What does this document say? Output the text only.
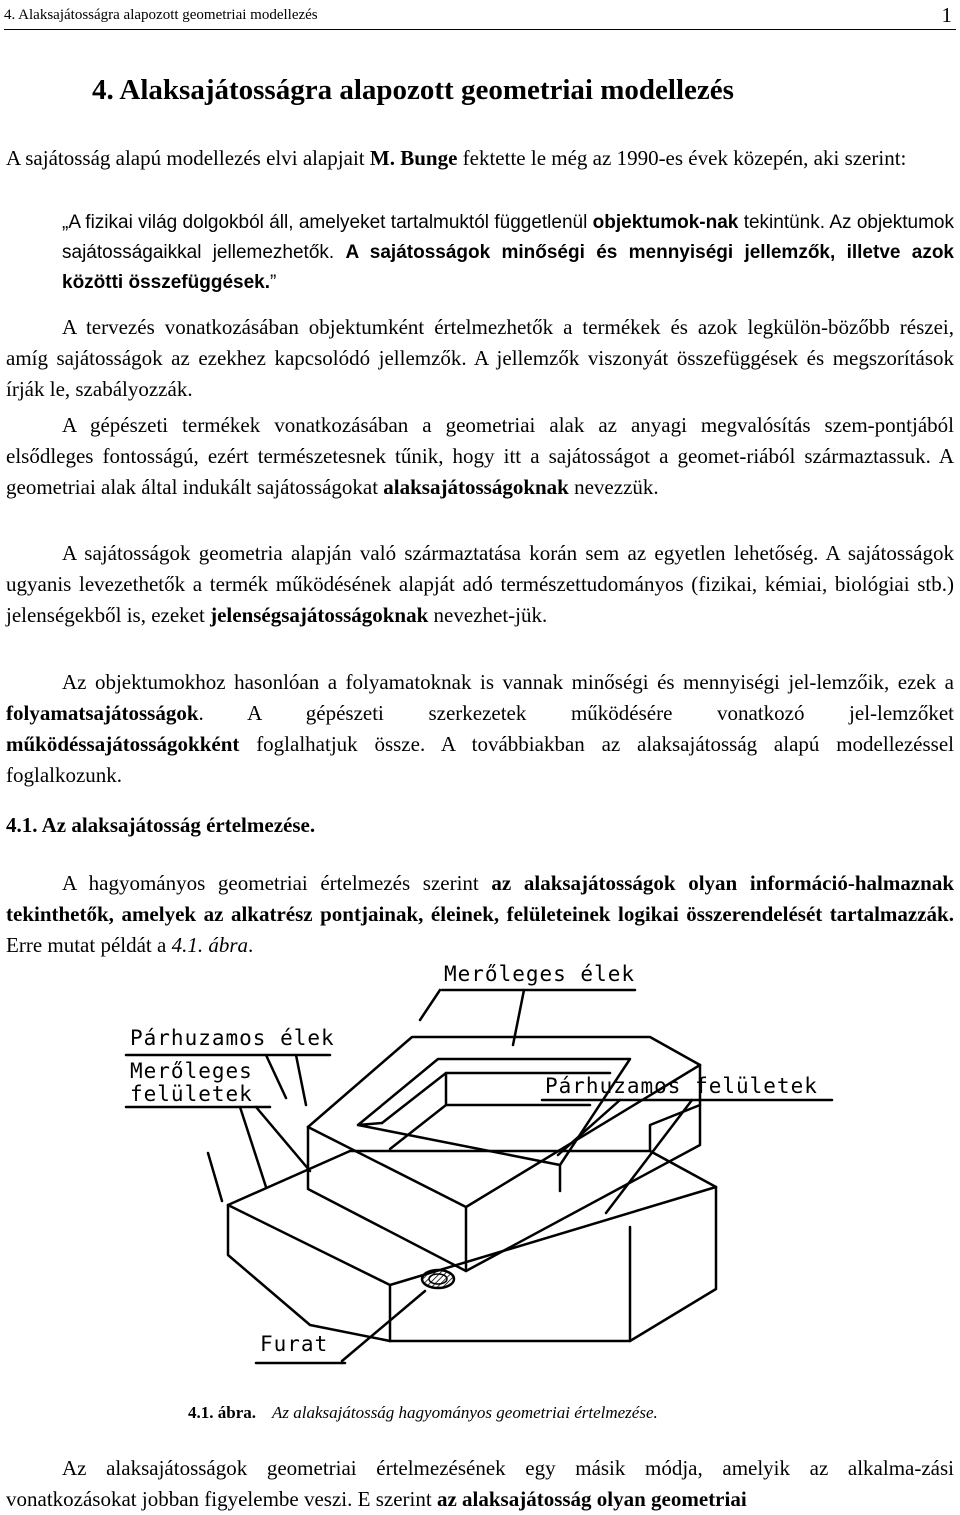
4. Alaksajátosságra alapozott geometriai modellezés	1
4. Alaksajátosságra alapozott geometriai modellezés

A sajátosság alapú modellezés elvi alapjait M. Bunge fektette le még az 1990-es évek közepén, aki szerint:

„A fizikai világ dolgokból áll, amelyeket tartalmuktól függetlenül objektumok-nak tekintünk. Az objektumok sajátosságaikkal jellemezhetők. A sajátosságok minőségi és mennyiségi jellemzők, illetve azok közötti összefüggések.”

A tervezés vonatkozásában objektumként értelmezhetők a termékek és azok legkülön-bözőbb részei, amíg sajátosságok az ezekhez kapcsolódó jellemzők. A jellemzők viszonyát összefüggések és megszorítások írják le, szabályozzák.

A gépészeti termékek vonatkozásában a geometriai alak az anyagi megvalósítás szem-pontjából elsődleges fontosságú, ezért természetesnek tűnik, hogy itt a sajátosságot a geomet-riából származtassuk. A geometriai alak által indukált sajátosságokat alaksajátosságoknak nevezzük.

A sajátosságok geometria alapján való származtatása korán sem az egyetlen lehetőség. A sajátosságok ugyanis levezethetők a termék működésének alapját adó természettudományos (fizikai, kémiai, biológiai stb.) jelenségekből is, ezeket jelenségsajátosságoknak nevezhet-jük.

Az objektumokhoz hasonlóan a folyamatoknak is vannak minőségi és mennyiségi jel-lemzőik, ezek a folyamatsajátosságok. A gépészeti szerkezetek működésére vonatkozó jel-lemzőket működéssajátosságokként foglalhatjuk össze. A továbbiakban az alaksajátosság alapú modellezéssel foglalkozunk.

4.1. Az alaksajátosság értelmezése.

A hagyományos geometriai értelmezés szerint az alaksajátosságok olyan információ-halmaznak tekinthetők, amelyek az alkatrész pontjainak, éleinek, felületeinek logikai összerendelését tartalmazzák. Erre mutat példát a 4.1. ábra.

Merőleges élek
Párhuzamos élek
Merőleges
felületek	Párhuzamos felületek
Furat
4.1. ábra. Az alaksajátosság hagyományos geometriai értelmezése.

Az alaksajátosságok geometriai értelmezésének egy másik módja, amelyik az alkalma-zási vonatkozásokat jobban figyelembe veszi. E szerint az alaksajátosság olyan geometriai
